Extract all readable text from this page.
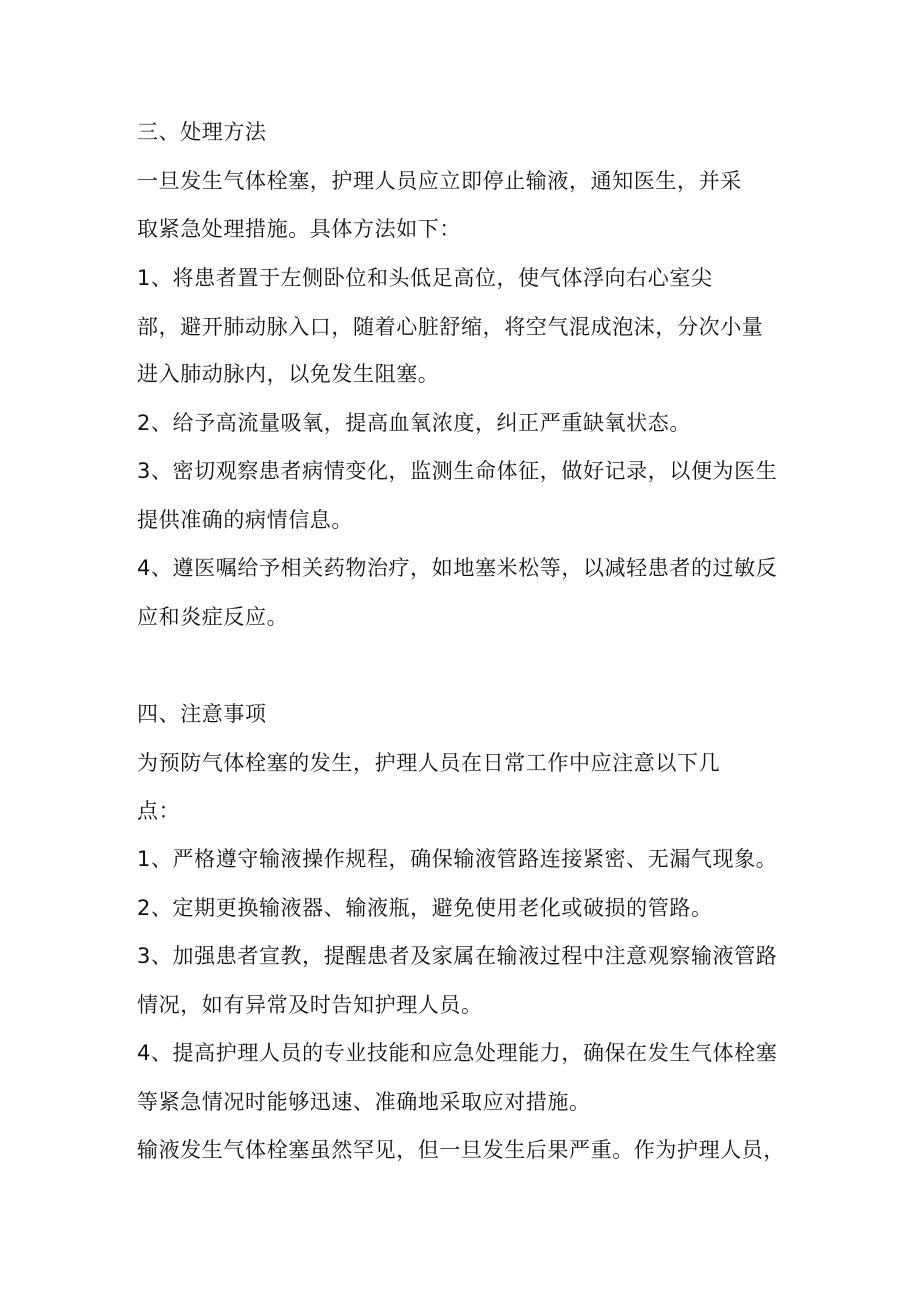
三、处理方法
一旦发生气体栓塞，护理人员应立即停止输液，通知医生，并采
取紧急处理措施。具体方法如下：
1、将患者置于左侧卧位和头低足高位，使气体浮向右心室尖
部，避开肺动脉入口，随着心脏舒缩，将空气混成泡沫，分次小量
进入肺动脉内，以免发生阻塞。
2、给予高流量吸氧，提高血氧浓度，纠正严重缺氧状态。
3、密切观察患者病情变化，监测生命体征，做好记录，以便为医生
提供准确的病情信息。
4、遵医嘱给予相关药物治疗，如地塞米松等，以减轻患者的过敏反
应和炎症反应。
四、注意事项
为预防气体栓塞的发生，护理人员在日常工作中应注意以下几
点：
1、严格遵守输液操作规程，确保输液管路连接紧密、无漏气现象。
2、定期更换输液器、输液瓶，避免使用老化或破损的管路。
3、加强患者宣教，提醒患者及家属在输液过程中注意观察输液管路
情况，如有异常及时告知护理人员。
4、提高护理人员的专业技能和应急处理能力，确保在发生气体栓塞
等紧急情况时能够迅速、准确地采取应对措施。
输液发生气体栓塞虽然罕见，但一旦发生后果严重。作为护理人员，
